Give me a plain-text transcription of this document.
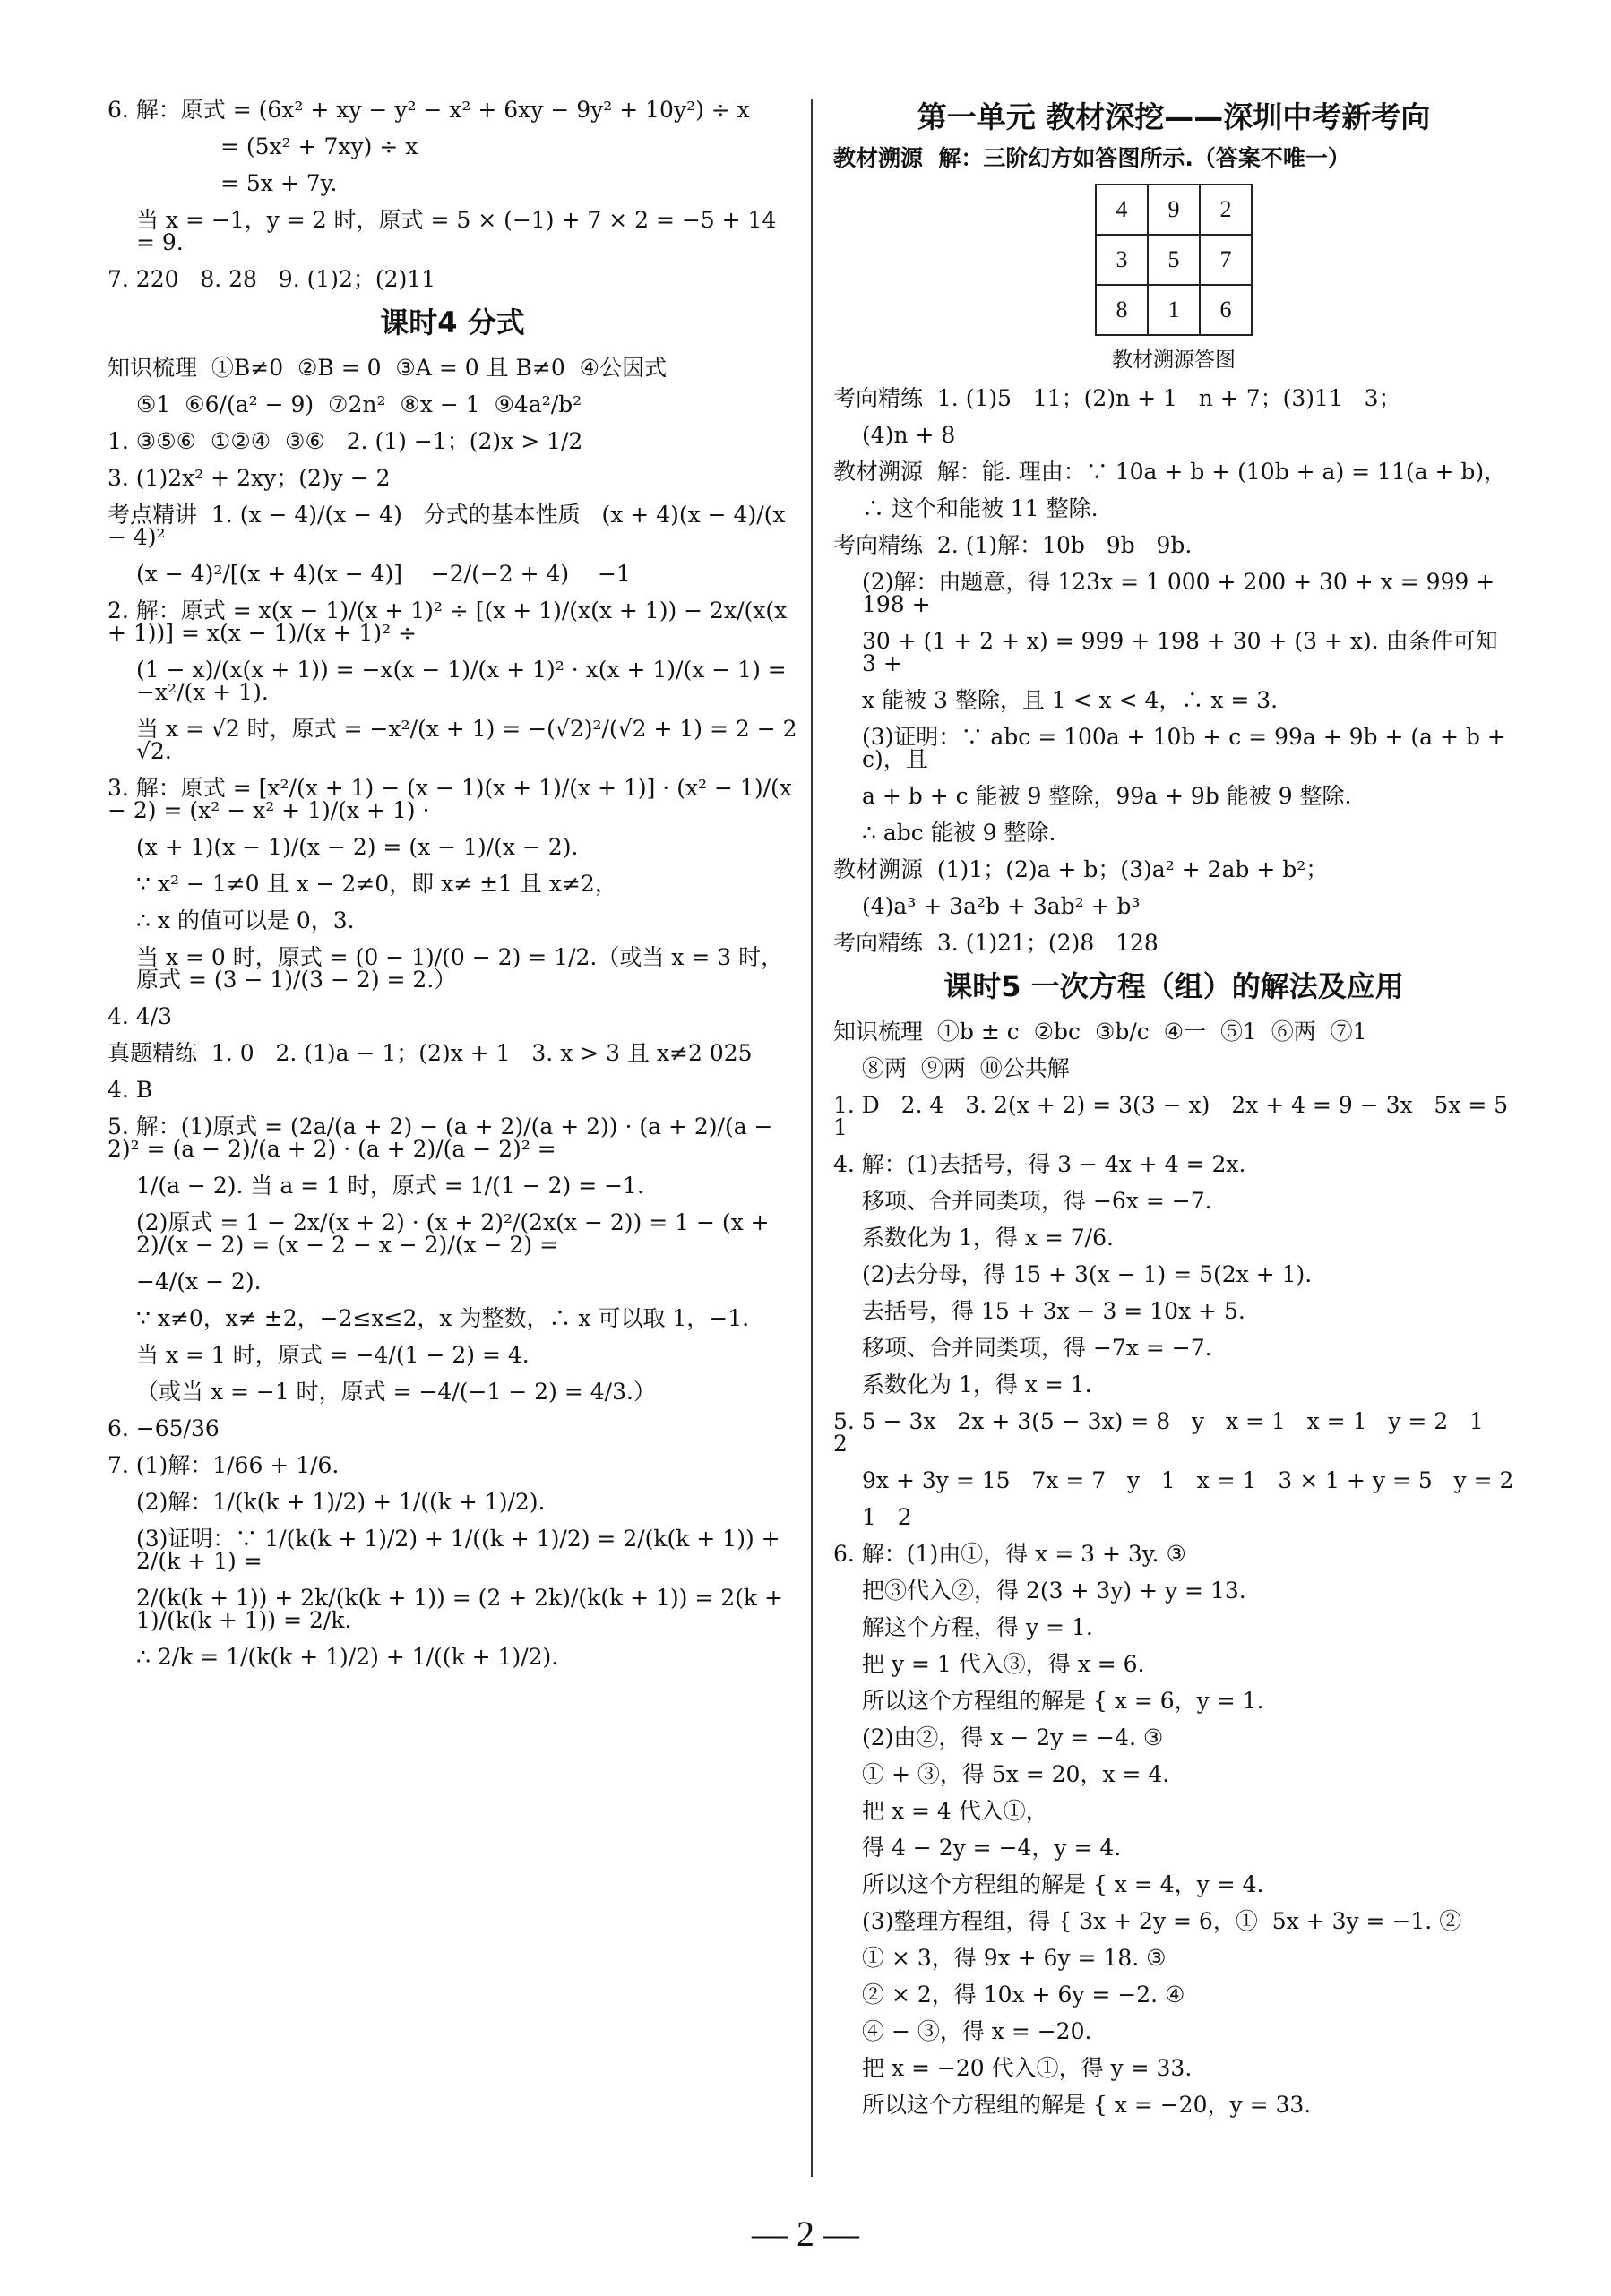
6. 解：原式 = (6x² + xy − y² − x² + 6xy − 9y² + 10y²) ÷ x
= (5x² + 7xy) ÷ x
= 5x + 7y.
当 x = −1，y = 2 时，原式 = 5 × (−1) + 7 × 2 = −5 + 14 = 9.
7. 220   8. 28   9. (1)2；(2)11
课时4 分式
知识梳理  ①B≠0  ②B = 0  ③A = 0 且 B≠0  ④公因式
⑤1  ⑥6/(a² − 9)  ⑦2n²  ⑧x − 1  ⑨4a²/b²
1. ③⑤⑥  ①②④  ③⑥   2. (1) −1；(2)x > 1/2
3. (1)2x² + 2xy；(2)y − 2
考点精讲  1. (x − 4)/(x − 4)   分式的基本性质   (x + 4)(x − 4)/(x − 4)²
(x − 4)²/[(x + 4)(x − 4)]    −2/(−2 + 4)    −1
2. 解：原式 = x(x − 1)/(x + 1)² ÷ [(x + 1)/(x(x + 1)) − 2x/(x(x + 1))] = x(x − 1)/(x + 1)² ÷
(1 − x)/(x(x + 1)) = −x(x − 1)/(x + 1)² · x(x + 1)/(x − 1) = −x²/(x + 1).
当 x = √2 时，原式 = −x²/(x + 1) = −(√2)²/(√2 + 1) = 2 − 2√2.
3. 解：原式 = [x²/(x + 1) − (x − 1)(x + 1)/(x + 1)] · (x² − 1)/(x − 2) = (x² − x² + 1)/(x + 1) ·
(x + 1)(x − 1)/(x − 2) = (x − 1)/(x − 2).
∵ x² − 1≠0 且 x − 2≠0，即 x≠ ±1 且 x≠2，
∴ x 的值可以是 0，3.
当 x = 0 时，原式 = (0 − 1)/(0 − 2) = 1/2.（或当 x = 3 时，原式 = (3 − 1)/(3 − 2) = 2.）
4. 4/3
真题精练  1. 0   2. (1)a − 1；(2)x + 1   3. x > 3 且 x≠2 025
4. B
5. 解：(1)原式 = (2a/(a + 2) − (a + 2)/(a + 2)) · (a + 2)/(a − 2)² = (a − 2)/(a + 2) · (a + 2)/(a − 2)² =
1/(a − 2). 当 a = 1 时，原式 = 1/(1 − 2) = −1.
(2)原式 = 1 − 2x/(x + 2) · (x + 2)²/(2x(x − 2)) = 1 − (x + 2)/(x − 2) = (x − 2 − x − 2)/(x − 2) =
−4/(x − 2).
∵ x≠0，x≠ ±2，−2≤x≤2，x 为整数，∴ x 可以取 1，−1.
当 x = 1 时，原式 = −4/(1 − 2) = 4.
（或当 x = −1 时，原式 = −4/(−1 − 2) = 4/3.）
6. −65/36
7. (1)解：1/66 + 1/6.
(2)解：1/(k(k + 1)/2) + 1/((k + 1)/2).
(3)证明：∵ 1/(k(k + 1)/2) + 1/((k + 1)/2) = 2/(k(k + 1)) + 2/(k + 1) =
2/(k(k + 1)) + 2k/(k(k + 1)) = (2 + 2k)/(k(k + 1)) = 2(k + 1)/(k(k + 1)) = 2/k.
∴ 2/k = 1/(k(k + 1)/2) + 1/((k + 1)/2).
第一单元 教材深挖——深圳中考新考向
教材溯源  解：三阶幻方如答图所示.（答案不唯一）
4	9	2
3	5	7
8	1	6
教材溯源答图
考向精练  1. (1)5   11；(2)n + 1   n + 7；(3)11   3；
(4)n + 8
教材溯源  解：能. 理由：∵ 10a + b + (10b + a) = 11(a + b)，
∴ 这个和能被 11 整除.
考向精练  2. (1)解：10b   9b   9b.
(2)解：由题意，得 123x = 1 000 + 200 + 30 + x = 999 + 198 +
30 + (1 + 2 + x) = 999 + 198 + 30 + (3 + x). 由条件可知 3 +
x 能被 3 整除，且 1 < x < 4，∴ x = 3.
(3)证明：∵ abc = 100a + 10b + c = 99a + 9b + (a + b + c)，且
a + b + c 能被 9 整除，99a + 9b 能被 9 整除.
∴ abc 能被 9 整除.
教材溯源  (1)1；(2)a + b；(3)a² + 2ab + b²；
(4)a³ + 3a²b + 3ab² + b³
考向精练  3. (1)21；(2)8   128
课时5 一次方程（组）的解法及应用
知识梳理  ①b ± c  ②bc  ③b/c  ④一  ⑤1  ⑥两  ⑦1
⑧两  ⑨两  ⑩公共解
1. D   2. 4   3. 2(x + 2) = 3(3 − x)   2x + 4 = 9 − 3x   5x = 5   1
4. 解：(1)去括号，得 3 − 4x + 4 = 2x.
移项、合并同类项，得 −6x = −7.
系数化为 1，得 x = 7/6.
(2)去分母，得 15 + 3(x − 1) = 5(2x + 1).
去括号，得 15 + 3x − 3 = 10x + 5.
移项、合并同类项，得 −7x = −7.
系数化为 1，得 x = 1.
5. 5 − 3x   2x + 3(5 − 3x) = 8   y   x = 1   x = 1   y = 2   1   2
9x + 3y = 15   7x = 7   y   1   x = 1   3 × 1 + y = 5   y = 2
1   2
6. 解：(1)由①，得 x = 3 + 3y. ③
把③代入②，得 2(3 + 3y) + y = 13.
解这个方程，得 y = 1.
把 y = 1 代入③，得 x = 6.
所以这个方程组的解是 { x = 6，y = 1.
(2)由②，得 x − 2y = −4. ③
① + ③，得 5x = 20，x = 4.
把 x = 4 代入①，
得 4 − 2y = −4，y = 4.
所以这个方程组的解是 { x = 4，y = 4.
(3)整理方程组，得 { 3x + 2y = 6，①  5x + 3y = −1. ②
① × 3，得 9x + 6y = 18. ③
② × 2，得 10x + 6y = −2. ④
④ − ③，得 x = −20.
把 x = −20 代入①，得 y = 33.
所以这个方程组的解是 { x = −20，y = 33.
— 2 —
